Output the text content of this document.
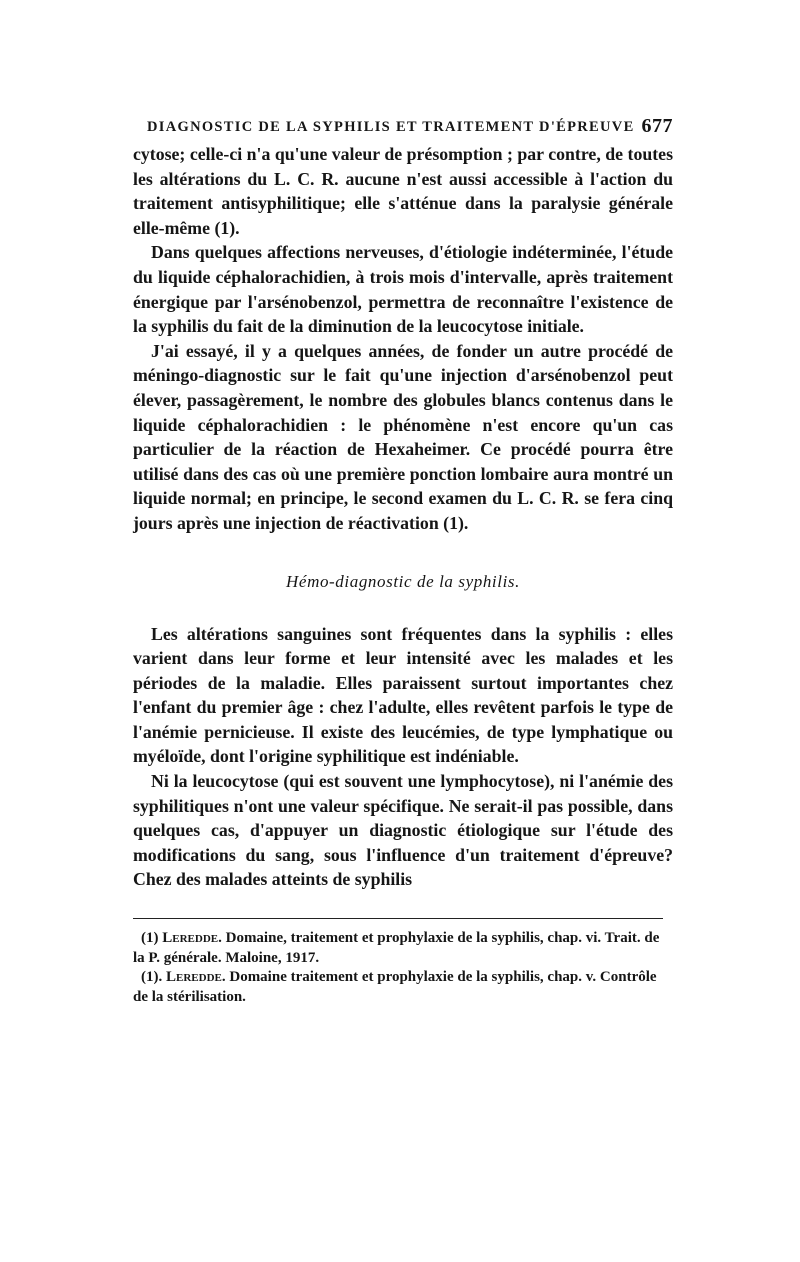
DIAGNOSTIC DE LA SYPHILIS ET TRAITEMENT D'ÉPREUVE 677

cytose; celle-ci n'a qu'une valeur de présomption ; par contre, de toutes les altérations du L. C. R. aucune n'est aussi accessible à l'action du traitement antisyphilitique; elle s'atténue dans la paralysie générale elle-même (1).

Dans quelques affections nerveuses, d'étiologie indéterminée, l'étude du liquide céphalorachidien, à trois mois d'intervalle, après traitement énergique par l'arsénobenzol, permettra de reconnaître l'existence de la syphilis du fait de la diminution de la leucocytose initiale.

J'ai essayé, il y a quelques années, de fonder un autre procédé de méningo-diagnostic sur le fait qu'une injection d'arsénobenzol peut élever, passagèrement, le nombre des globules blancs contenus dans le liquide céphalorachidien : le phénomène n'est encore qu'un cas particulier de la réaction de Hexaheimer. Ce procédé pourra être utilisé dans des cas où une première ponction lombaire aura montré un liquide normal; en principe, le second examen du L. C. R. se fera cinq jours après une injection de réactivation (1).

Hémo-diagnostic de la syphilis.

Les altérations sanguines sont fréquentes dans la syphilis : elles varient dans leur forme et leur intensité avec les malades et les périodes de la maladie. Elles paraissent surtout importantes chez l'enfant du premier âge : chez l'adulte, elles revêtent parfois le type de l'anémie pernicieuse. Il existe des leucémies, de type lymphatique ou myéloïde, dont l'origine syphilitique est indéniable.

Ni la leucocytose (qui est souvent une lymphocytose), ni l'anémie des syphilitiques n'ont une valeur spécifique. Ne serait-il pas possible, dans quelques cas, d'appuyer un diagnostic étiologique sur l'étude des modifications du sang, sous l'influence d'un traitement d'épreuve? Chez des malades atteints de syphilis

(1) Leredde. Domaine, traitement et prophylaxie de la syphilis, chap. vi. Trait. de la P. générale. Maloine, 1917.

(1). Leredde. Domaine traitement et prophylaxie de la syphilis, chap. v. Contrôle de la stérilisation.
